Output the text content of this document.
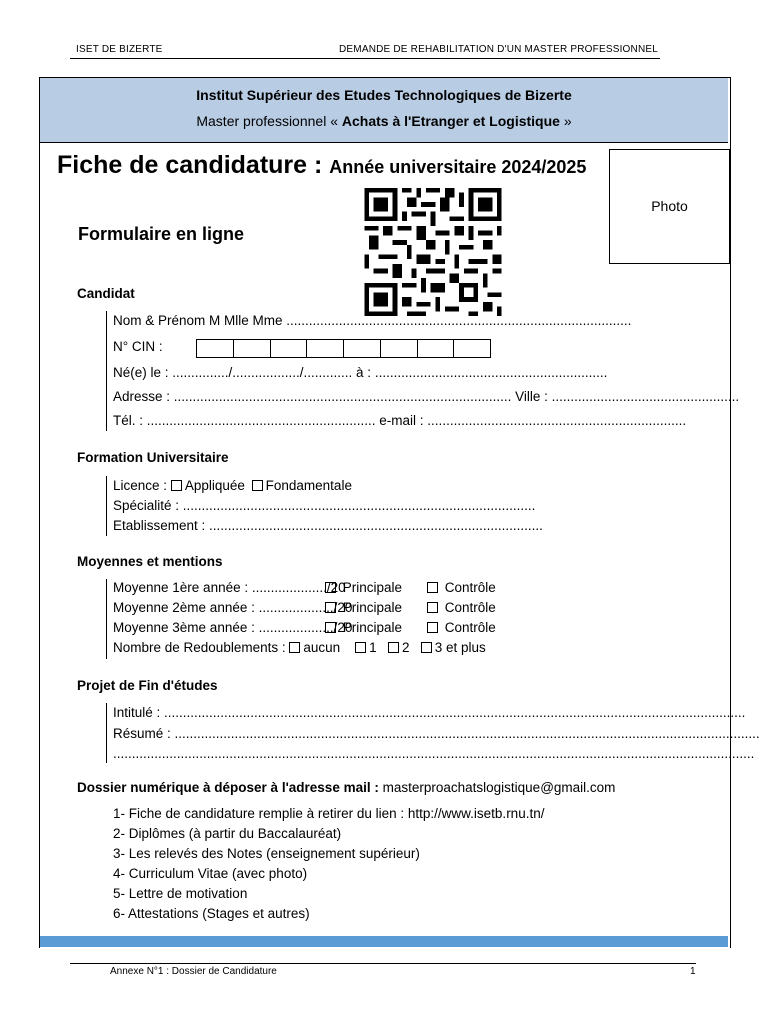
ISET DE BIZERTE	DEMANDE DE REHABILITATION D'UN MASTER PROFESSIONNEL
Institut Supérieur des Etudes Technologiques de Bizerte
Master professionnel « Achats à l'Etranger et Logistique »
Fiche de candidature : Année universitaire 2024/2025
Photo
Formulaire en ligne
Candidat
Nom & Prénom M Mlle Mme ............................................................................................
N° CIN :
Né(e) le : .............../................../............. à : ..............................................................
Adresse : .......................................................................................... Ville : ..................................................
Tél. : ............................................................. e-mail : .....................................................................
Formation Universitaire
Licence : Appliquée Fondamentale
Spécialité : ..............................................................................................
Etablissement : .........................................................................................
Moyennes et mentions
Moyenne 1ère année : ..................../20
Principale	Contrôle
Moyenne 2ème année : ..................../20
Principale	Contrôle
Moyenne 3ème année : ..................../20
Principale	Contrôle
Nombre de Redoublements : aucun 1 2 3 et plus
Projet de Fin d'études
Intitulé : ...........................................................................................................................................................
Résumé : ............................................................................................................................................................
...........................................................................................................................................................................
Dossier numérique à déposer à l'adresse mail : masterproachatslogistique@gmail.com
1- Fiche de candidature remplie à retirer du lien : http://www.isetb.rnu.tn/
2- Diplômes (à partir du Baccalauréat)
3- Les relevés des Notes (enseignement supérieur)
4- Curriculum Vitae (avec photo)
5- Lettre de motivation
6- Attestations (Stages et autres)
Annexe N°1 : Dossier de Candidature	1
